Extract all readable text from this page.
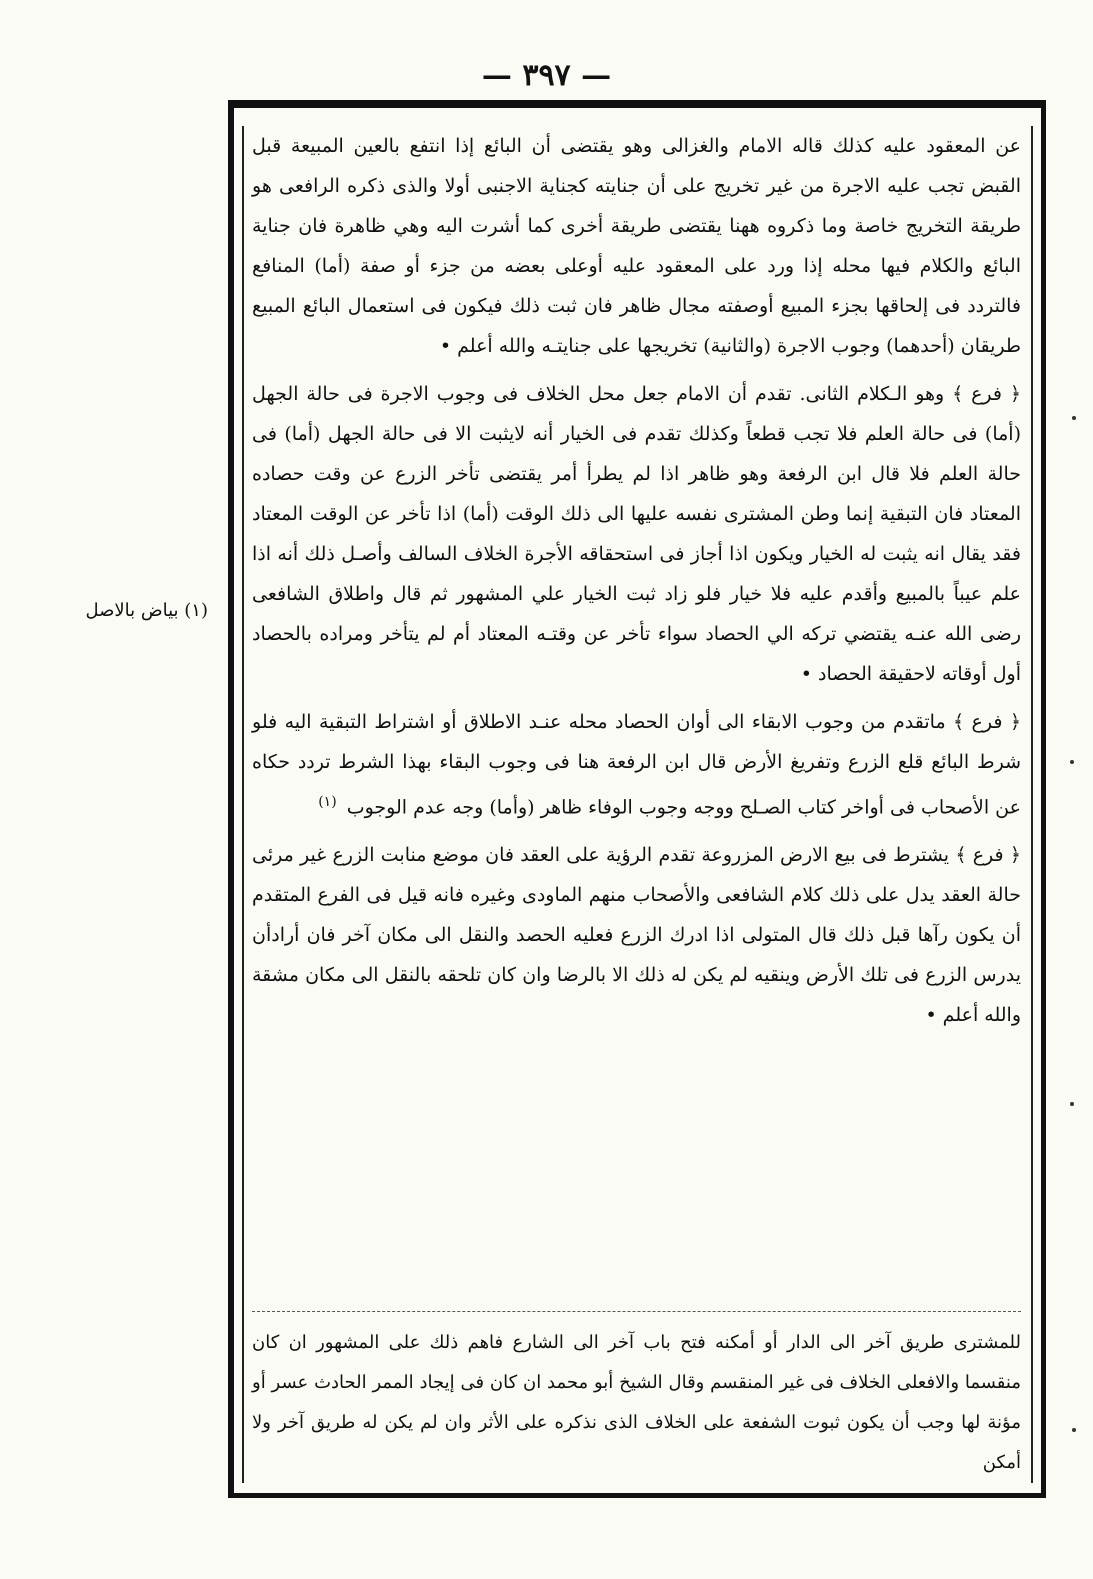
— ٣٩٧ —
(١) بياض بالاصل

عن المعقود عليه كذلك قاله الامام والغزالى وهو يقتضى أن البائع إذا انتفع بالعين المبيعة قبل القبض تجب عليه الاجرة من غير تخريج على أن جنايته كجناية الاجنبى أولا والذى ذكره الرافعى هو طريقة التخريج خاصة وما ذكروه ههنا يقتضى طريقة أخرى كما أشرت اليه وهي ظاهرة فان جناية البائع والكلام فيها محله إذا ورد على المعقود عليه أوعلى بعضه من جزء أو صفة (أما) المنافع فالتردد فى إلحاقها بجزء المبيع أوصفته مجال ظاهر فان ثبت ذلك فيكون فى استعمال البائع المبيع طريقان (أحدهما) وجوب الاجرة (والثانية) تخريجها على جنايتـه والله أعلم •

﴿ فرع ﴾ وهو الـكلام الثانى. تقدم أن الامام جعل محل الخلاف فى وجوب الاجرة فى حالة الجهل (أما) فى حالة العلم فلا تجب قطعاً وكذلك تقدم فى الخيار أنه لايثبت الا فى حالة الجهل (أما) فى حالة العلم فلا قال ابن الرفعة وهو ظاهر اذا لم يطرأ أمر يقتضى تأخر الزرع عن وقت حصاده المعتاد فان التبقية إنما وطن المشترى نفسه عليها الى ذلك الوقت (أما) اذا تأخر عن الوقت المعتاد فقد يقال انه يثبت له الخيار ويكون اذا أجاز فى استحقاقه الأجرة الخلاف السالف وأصـل ذلك أنه اذا علم عيباً بالمبيع وأقدم عليه فلا خيار فلو زاد ثبت الخيار علي المشهور ثم قال واطلاق الشافعى رضى الله عنـه يقتضي تركه الي الحصاد سواء تأخر عن وقتـه المعتاد أم لم يتأخر ومراده بالحصاد أول أوقاته لاحقيقة الحصاد •

﴿ فرع ﴾ ماتقدم من وجوب الابقاء الى أوان الحصاد محله عنـد الاطلاق أو اشتراط التبقية اليه فلو شرط البائع قلع الزرع وتفريغ الأرض قال ابن الرفعة هنا فى وجوب البقاء بهذا الشرط تردد حكاه عن الأصحاب فى أواخر كتاب الصـلح ووجه وجوب الوفاء ظاهر (وأما) وجه عدم الوجوب (١)

﴿ فرع ﴾ يشترط فى بيع الارض المزروعة تقدم الرؤية على العقد فان موضع منابت الزرع غير مرئى حالة العقد يدل على ذلك كلام الشافعى والأصحاب منهم الماودى وغيره فانه قيل فى الفرع المتقدم أن يكون رآها قبل ذلك قال المتولى اذا ادرك الزرع فعليه الحصد والنقل الى مكان آخر فان أرادأن يدرس الزرع فى تلك الأرض وينقيه لم يكن له ذلك الا بالرضا وان كان تلحقه بالنقل الى مكان مشقة والله أعلم •

للمشترى طريق آخر الى الدار أو أمكنه فتح باب آخر الى الشارع فاهم ذلك على المشهور ان كان منقسما والافعلى الخلاف فى غير المنقسم وقال الشيخ أبو محمد ان كان فى إيجاد الممر الحادث عسر أو مؤنة لها وجب أن يكون ثبوت الشفعة على الخلاف الذى نذكره على الأثر وان لم يكن له طريق آخر ولا أمكن
